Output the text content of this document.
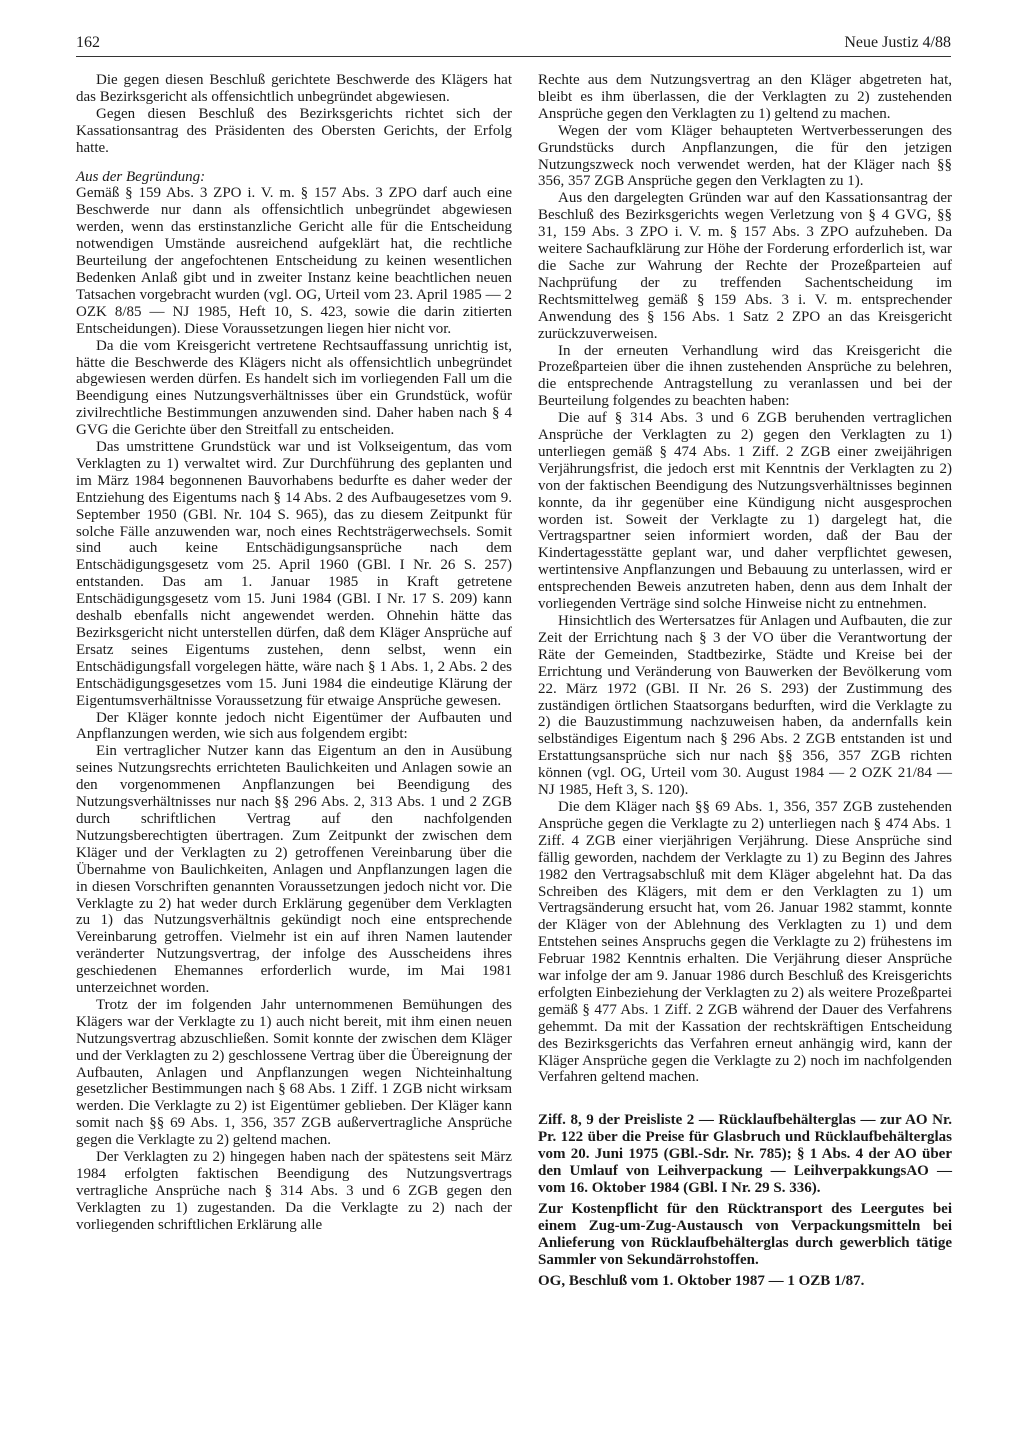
162	Neue Justiz 4/88

Die gegen diesen Beschluß gerichtete Beschwerde des Klägers hat das Bezirksgericht als offensichtlich unbegründet abgewiesen.

Gegen diesen Beschluß des Bezirksgerichts richtet sich der Kassationsantrag des Präsidenten des Obersten Gerichts, der Erfolg hatte.

Aus der Begründung:

Gemäß § 159 Abs. 3 ZPO i. V. m. § 157 Abs. 3 ZPO darf auch eine Beschwerde nur dann als offensichtlich unbegründet abgewiesen werden, wenn das erstinstanzliche Gericht alle für die Entscheidung notwendigen Umstände ausreichend aufgeklärt hat, die rechtliche Beurteilung der angefochtenen Entscheidung zu keinen wesentlichen Bedenken Anlaß gibt und in zweiter Instanz keine beachtlichen neuen Tatsachen vorgebracht wurden (vgl. OG, Urteil vom 23. April 1985 — 2 OZK 8/85 — NJ 1985, Heft 10, S. 423, sowie die darin zitierten Entscheidungen). Diese Voraussetzungen liegen hier nicht vor.

Da die vom Kreisgericht vertretene Rechtsauffassung unrichtig ist, hätte die Beschwerde des Klägers nicht als offensichtlich unbegründet abgewiesen werden dürfen. Es handelt sich im vorliegenden Fall um die Beendigung eines Nutzungsverhältnisses über ein Grundstück, wofür zivilrechtliche Bestimmungen anzuwenden sind. Daher haben nach § 4 GVG die Gerichte über den Streitfall zu entscheiden.

Das umstrittene Grundstück war und ist Volkseigentum, das vom Verklagten zu 1) verwaltet wird. Zur Durchführung des geplanten und im März 1984 begonnenen Bauvorhabens bedurfte es daher weder der Entziehung des Eigentums nach § 14 Abs. 2 des Aufbaugesetzes vom 9. September 1950 (GBl. Nr. 104 S. 965), das zu diesem Zeitpunkt für solche Fälle anzuwenden war, noch eines Rechtsträgerwechsels. Somit sind auch keine Entschädigungsansprüche nach dem Entschädigungsgesetz vom 25. April 1960 (GBl. I Nr. 26 S. 257) entstanden. Das am 1. Januar 1985 in Kraft getretene Entschädigungsgesetz vom 15. Juni 1984 (GBl. I Nr. 17 S. 209) kann deshalb ebenfalls nicht angewendet werden. Ohnehin hätte das Bezirksgericht nicht unterstellen dürfen, daß dem Kläger Ansprüche auf Ersatz seines Eigentums zustehen, denn selbst, wenn ein Entschädigungsfall vorgelegen hätte, wäre nach § 1 Abs. 1, 2 Abs. 2 des Entschädigungsgesetzes vom 15. Juni 1984 die eindeutige Klärung der Eigentumsverhältnisse Voraussetzung für etwaige Ansprüche gewesen.

Der Kläger konnte jedoch nicht Eigentümer der Aufbauten und Anpflanzungen werden, wie sich aus folgendem ergibt:

Ein vertraglicher Nutzer kann das Eigentum an den in Ausübung seines Nutzungsrechts errichteten Baulichkeiten und Anlagen sowie an den vorgenommenen Anpflanzungen bei Beendigung des Nutzungsverhältnisses nur nach §§ 296 Abs. 2, 313 Abs. 1 und 2 ZGB durch schriftlichen Vertrag auf den nachfolgenden Nutzungsberechtigten übertragen. Zum Zeitpunkt der zwischen dem Kläger und der Verklagten zu 2) getroffenen Vereinbarung über die Übernahme von Baulichkeiten, Anlagen und Anpflanzungen lagen die in diesen Vorschriften genannten Voraussetzungen jedoch nicht vor. Die Verklagte zu 2) hat weder durch Erklärung gegenüber dem Verklagten zu 1) das Nutzungsverhältnis gekündigt noch eine entsprechende Vereinbarung getroffen. Vielmehr ist ein auf ihren Namen lautender veränderter Nutzungsvertrag, der infolge des Ausscheidens ihres geschiedenen Ehemannes erforderlich wurde, im Mai 1981 unterzeichnet worden.

Trotz der im folgenden Jahr unternommenen Bemühungen des Klägers war der Verklagte zu 1) auch nicht bereit, mit ihm einen neuen Nutzungsvertrag abzuschließen. Somit konnte der zwischen dem Kläger und der Verklagten zu 2) geschlossene Vertrag über die Übereignung der Aufbauten, Anlagen und Anpflanzungen wegen Nichteinhaltung gesetzlicher Bestimmungen nach § 68 Abs. 1 Ziff. 1 ZGB nicht wirksam werden. Die Verklagte zu 2) ist Eigentümer geblieben. Der Kläger kann somit nach §§ 69 Abs. 1, 356, 357 ZGB außervertragliche Ansprüche gegen die Verklagte zu 2) geltend machen.

Der Verklagten zu 2) hingegen haben nach der spätestens seit März 1984 erfolgten faktischen Beendigung des Nutzungsvertrags vertragliche Ansprüche nach § 314 Abs. 3 und 6 ZGB gegen den Verklagten zu 1) zugestanden. Da die Verklagte zu 2) nach der vorliegenden schriftlichen Erklärung alle

Rechte aus dem Nutzungsvertrag an den Kläger abgetreten hat, bleibt es ihm überlassen, die der Verklagten zu 2) zustehenden Ansprüche gegen den Verklagten zu 1) geltend zu machen.

Wegen der vom Kläger behaupteten Wertverbesserungen des Grundstücks durch Anpflanzungen, die für den jetzigen Nutzungszweck noch verwendet werden, hat der Kläger nach §§ 356, 357 ZGB Ansprüche gegen den Verklagten zu 1).

Aus den dargelegten Gründen war auf den Kassationsantrag der Beschluß des Bezirksgerichts wegen Verletzung von § 4 GVG, §§ 31, 159 Abs. 3 ZPO i. V. m. § 157 Abs. 3 ZPO aufzuheben. Da weitere Sachaufklärung zur Höhe der Forderung erforderlich ist, war die Sache zur Wahrung der Rechte der Prozeßparteien auf Nachprüfung der zu treffenden Sachentscheidung im Rechtsmittelweg gemäß § 159 Abs. 3 i. V. m. entsprechender Anwendung des § 156 Abs. 1 Satz 2 ZPO an das Kreisgericht zurückzuverweisen.

In der erneuten Verhandlung wird das Kreisgericht die Prozeßparteien über die ihnen zustehenden Ansprüche zu belehren, die entsprechende Antragstellung zu veranlassen und bei der Beurteilung folgendes zu beachten haben:

Die auf § 314 Abs. 3 und 6 ZGB beruhenden vertraglichen Ansprüche der Verklagten zu 2) gegen den Verklagten zu 1) unterliegen gemäß § 474 Abs. 1 Ziff. 2 ZGB einer zweijährigen Verjährungsfrist, die jedoch erst mit Kenntnis der Verklagten zu 2) von der faktischen Beendigung des Nutzungsverhältnisses beginnen konnte, da ihr gegenüber eine Kündigung nicht ausgesprochen worden ist. Soweit der Verklagte zu 1) dargelegt hat, die Vertragspartner seien informiert worden, daß der Bau der Kindertagesstätte geplant war, und daher verpflichtet gewesen, wertintensive Anpflanzungen und Bebauung zu unterlassen, wird er entsprechenden Beweis anzutreten haben, denn aus dem Inhalt der vorliegenden Verträge sind solche Hinweise nicht zu entnehmen.

Hinsichtlich des Wertersatzes für Anlagen und Aufbauten, die zur Zeit der Errichtung nach § 3 der VO über die Verantwortung der Räte der Gemeinden, Stadtbezirke, Städte und Kreise bei der Errichtung und Veränderung von Bauwerken der Bevölkerung vom 22. März 1972 (GBl. II Nr. 26 S. 293) der Zustimmung des zuständigen örtlichen Staatsorgans bedurften, wird die Verklagte zu 2) die Bauzustimmung nachzuweisen haben, da andernfalls kein selbständiges Eigentum nach § 296 Abs. 2 ZGB entstanden ist und Erstattungsansprüche sich nur nach §§ 356, 357 ZGB richten können (vgl. OG, Urteil vom 30. August 1984 — 2 OZK 21/84 — NJ 1985, Heft 3, S. 120).

Die dem Kläger nach §§ 69 Abs. 1, 356, 357 ZGB zustehenden Ansprüche gegen die Verklagte zu 2) unterliegen nach § 474 Abs. 1 Ziff. 4 ZGB einer vierjährigen Verjährung. Diese Ansprüche sind fällig geworden, nachdem der Verklagte zu 1) zu Beginn des Jahres 1982 den Vertragsabschluß mit dem Kläger abgelehnt hat. Da das Schreiben des Klägers, mit dem er den Verklagten zu 1) um Vertragsänderung ersucht hat, vom 26. Januar 1982 stammt, konnte der Kläger von der Ablehnung des Verklagten zu 1) und dem Entstehen seines Anspruchs gegen die Verklagte zu 2) frühestens im Februar 1982 Kenntnis erhalten. Die Verjährung dieser Ansprüche war infolge der am 9. Januar 1986 durch Beschluß des Kreisgerichts erfolgten Einbeziehung der Verklagten zu 2) als weitere Prozeßpartei gemäß § 477 Abs. 1 Ziff. 2 ZGB während der Dauer des Verfahrens gehemmt. Da mit der Kassation der rechtskräftigen Entscheidung des Bezirksgerichts das Verfahren erneut anhängig wird, kann der Kläger Ansprüche gegen die Verklagte zu 2) noch im nachfolgenden Verfahren geltend machen.

Ziff. 8, 9 der Preisliste 2 — Rücklaufbehälterglas — zur AO Nr. Pr. 122 über die Preise für Glasbruch und Rücklaufbehälterglas vom 20. Juni 1975 (GBl.-Sdr. Nr. 785); § 1 Abs. 4 der AO über den Umlauf von Leihverpackung — LeihverpakkungsAO — vom 16. Oktober 1984 (GBl. I Nr. 29 S. 336).

Zur Kostenpflicht für den Rücktransport des Leergutes bei einem Zug-um-Zug-Austausch von Verpackungsmitteln bei Anlieferung von Rücklaufbehälterglas durch gewerblich tätige Sammler von Sekundärrohstoffen.

OG, Beschluß vom 1. Oktober 1987 — 1 OZB 1/87.
